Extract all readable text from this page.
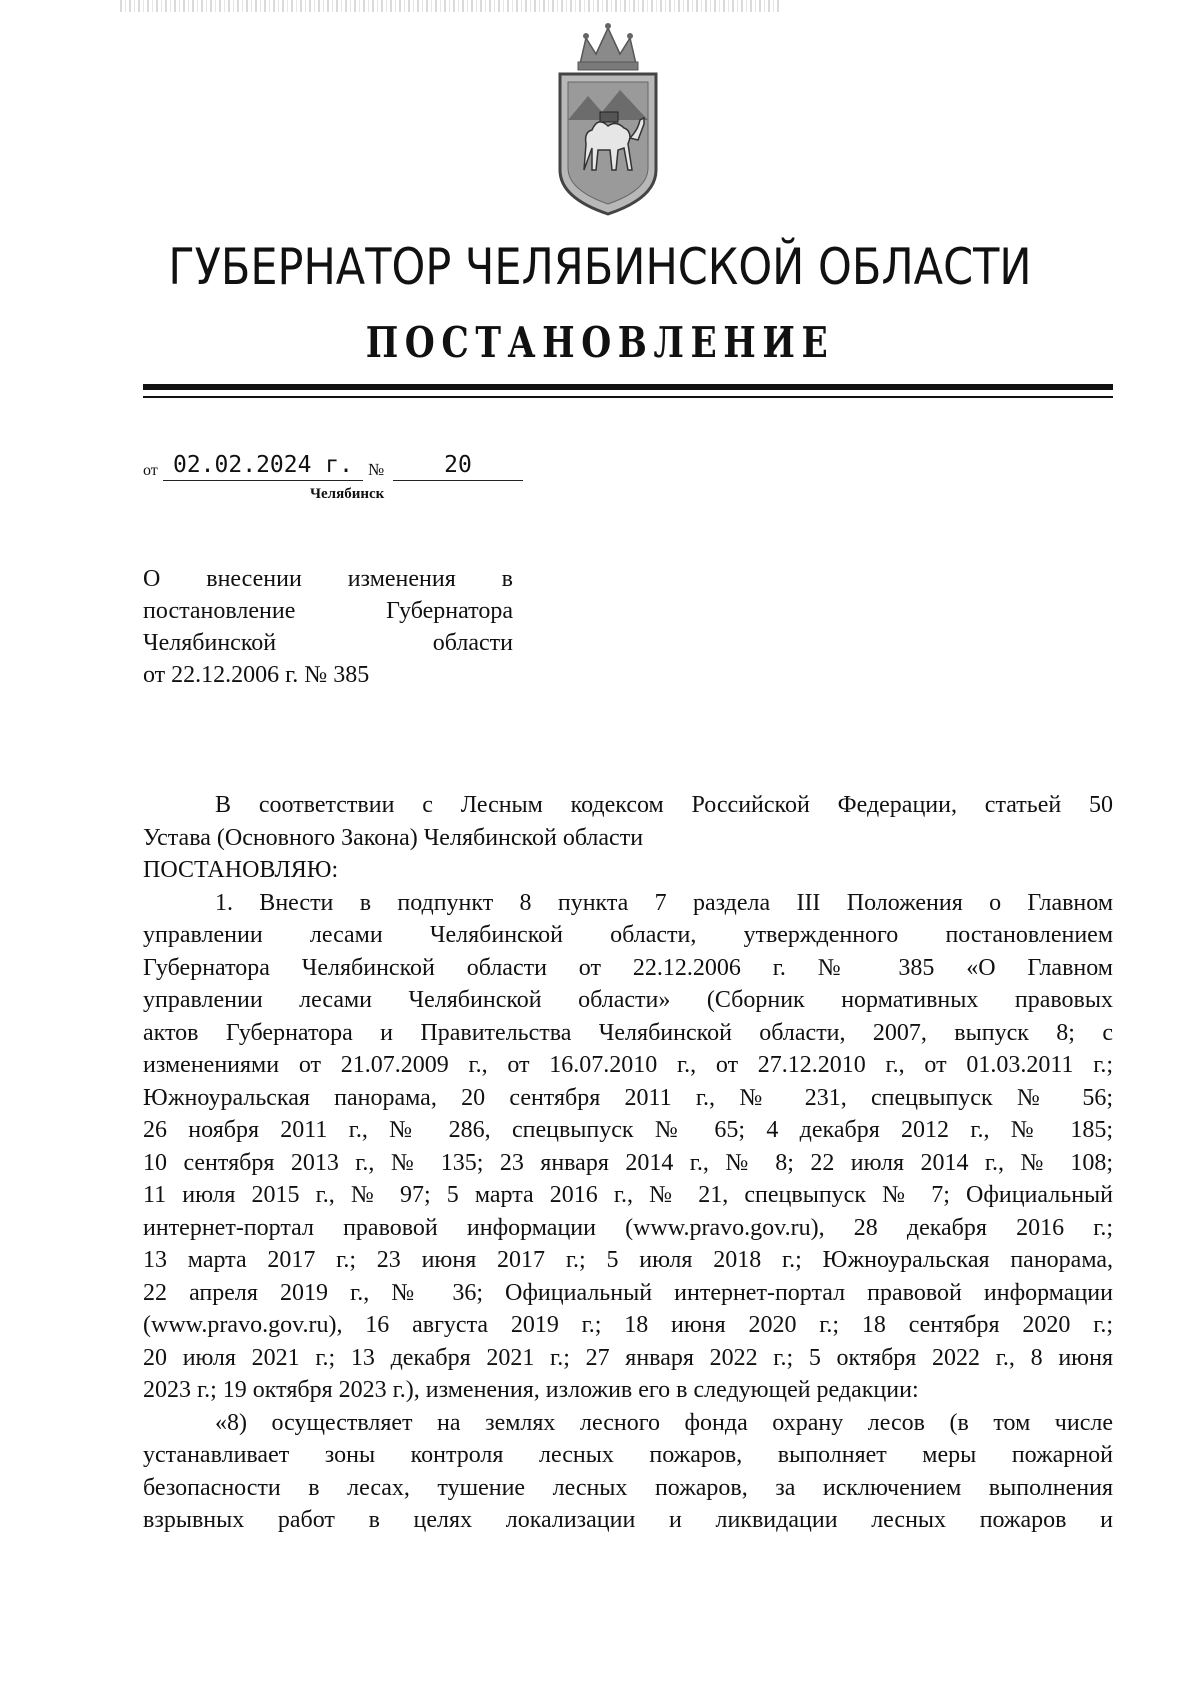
ГУБЕРНАТОР ЧЕЛЯБИНСКОЙ ОБЛАСТИ
ПОСТАНОВЛЕНИЕ
от 02.02.2024 г. №	20
Челябинск
О внесении изменения в
постановление Губернатора
Челябинской области
от 22.12.2006 г. № 385
В соответствии с Лесным кодексом Российской Федерации, статьей 50
Устава (Основного Закона) Челябинской области
ПОСТАНОВЛЯЮ:
1. Внести в подпункт 8 пункта 7 раздела III Положения о Главном
управлении лесами Челябинской области, утвержденного постановлением
Губернатора Челябинской области от 22.12.2006 г. № 385 «О Главном
управлении лесами Челябинской области» (Сборник нормативных правовых
актов Губернатора и Правительства Челябинской области, 2007, выпуск 8; с
изменениями от 21.07.2009 г., от 16.07.2010 г., от 27.12.2010 г., от 01.03.2011 г.;
Южноуральская панорама, 20 сентября 2011 г., № 231, спецвыпуск № 56;
26 ноября 2011 г., № 286, спецвыпуск № 65; 4 декабря 2012 г., № 185;
10 сентября 2013 г., № 135; 23 января 2014 г., № 8; 22 июля 2014 г., № 108;
11 июля 2015 г., № 97; 5 марта 2016 г., № 21, спецвыпуск № 7; Официальный
интернет-портал правовой информации (www.pravo.gov.ru), 28 декабря 2016 г.;
13 марта 2017 г.; 23 июня 2017 г.; 5 июля 2018 г.; Южноуральская панорама,
22 апреля 2019 г., № 36; Официальный интернет-портал правовой информации
(www.pravo.gov.ru), 16 августа 2019 г.; 18 июня 2020 г.; 18 сентября 2020 г.;
20 июля 2021 г.; 13 декабря 2021 г.; 27 января 2022 г.; 5 октября 2022 г., 8 июня
2023 г.; 19 октября 2023 г.), изменения, изложив его в следующей редакции:
«8) осуществляет на землях лесного фонда охрану лесов (в том числе
устанавливает зоны контроля лесных пожаров, выполняет меры пожарной
безопасности в лесах, тушение лесных пожаров, за исключением выполнения
взрывных работ в целях локализации и ликвидации лесных пожаров и
